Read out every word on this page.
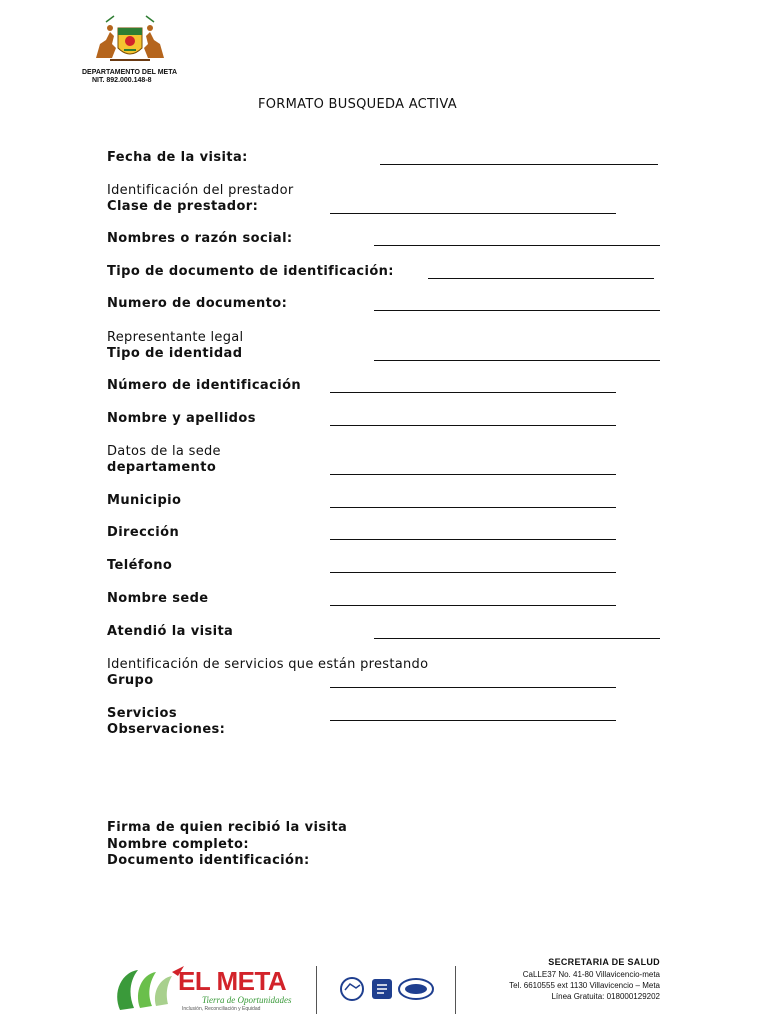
DEPARTAMENTO DEL META
NIT. 892.000.148-8
FORMATO BUSQUEDA ACTIVA
Fecha de la visita:
Identificación del prestador
Clase de prestador:
Nombres o razón social:
Tipo de documento de identificación:
Numero de documento:
Representante legal
Tipo de identidad
Número de identificación
Nombre y apellidos
Datos de la sede
departamento
Municipio
Dirección
Teléfono
Nombre sede
Atendió la visita
Identificación de servicios que están prestando
Grupo
Servicios
Observaciones:
Firma de quien recibió la visita
Nombre completo:
Documento identificación:
EL META
Tierra de Oportunidades
Inclusión, Reconciliación y Equidad
SECRETARIA DE SALUD
CaLLE37 No. 41-80 Villavicencio-meta
Tel. 6610555 ext 1130 Villavicencio – Meta
Línea Gratuita: 018000129202
